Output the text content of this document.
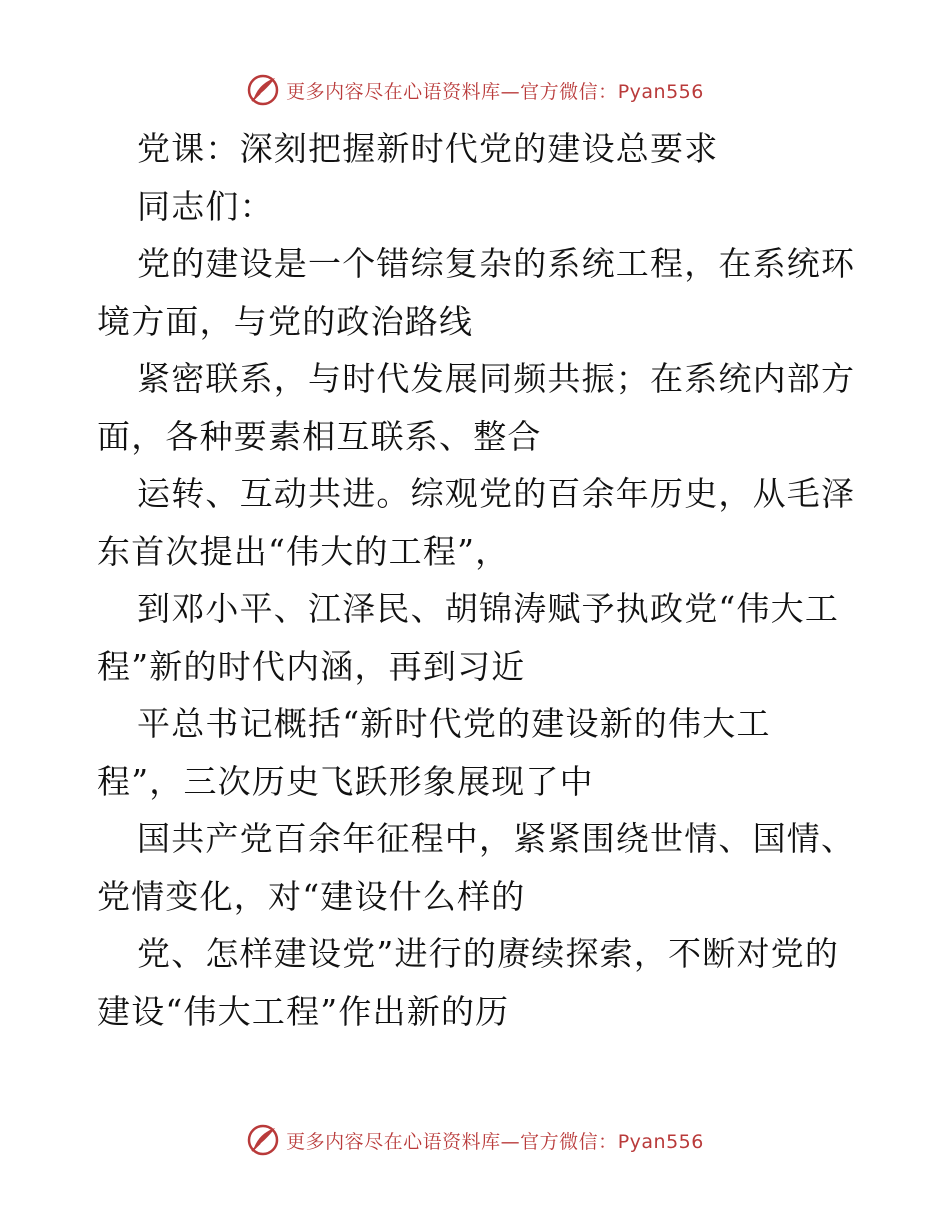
更多内容尽在心语资料库—官方微信：Pyan556
党课：深刻把握新时代党的建设总要求
同志们：
党的建设是一个错综复杂的系统工程，在系统环
境方面，与党的政治路线
紧密联系，与时代发展同频共振；在系统内部方
面，各种要素相互联系、整合
运转、互动共进。综观党的百余年历史，从毛泽
东首次提出“伟大的工程”，
到邓小平、江泽民、胡锦涛赋予执政党“伟大工
程”新的时代内涵，再到习近
平总书记概括“新时代党的建设新的伟大工
程”，三次历史飞跃形象展现了中
国共产党百余年征程中，紧紧围绕世情、国情、
党情变化，对“建设什么样的
党、怎样建设党”进行的赓续探索，不断对党的
建设“伟大工程”作出新的历
更多内容尽在心语资料库—官方微信：Pyan556
